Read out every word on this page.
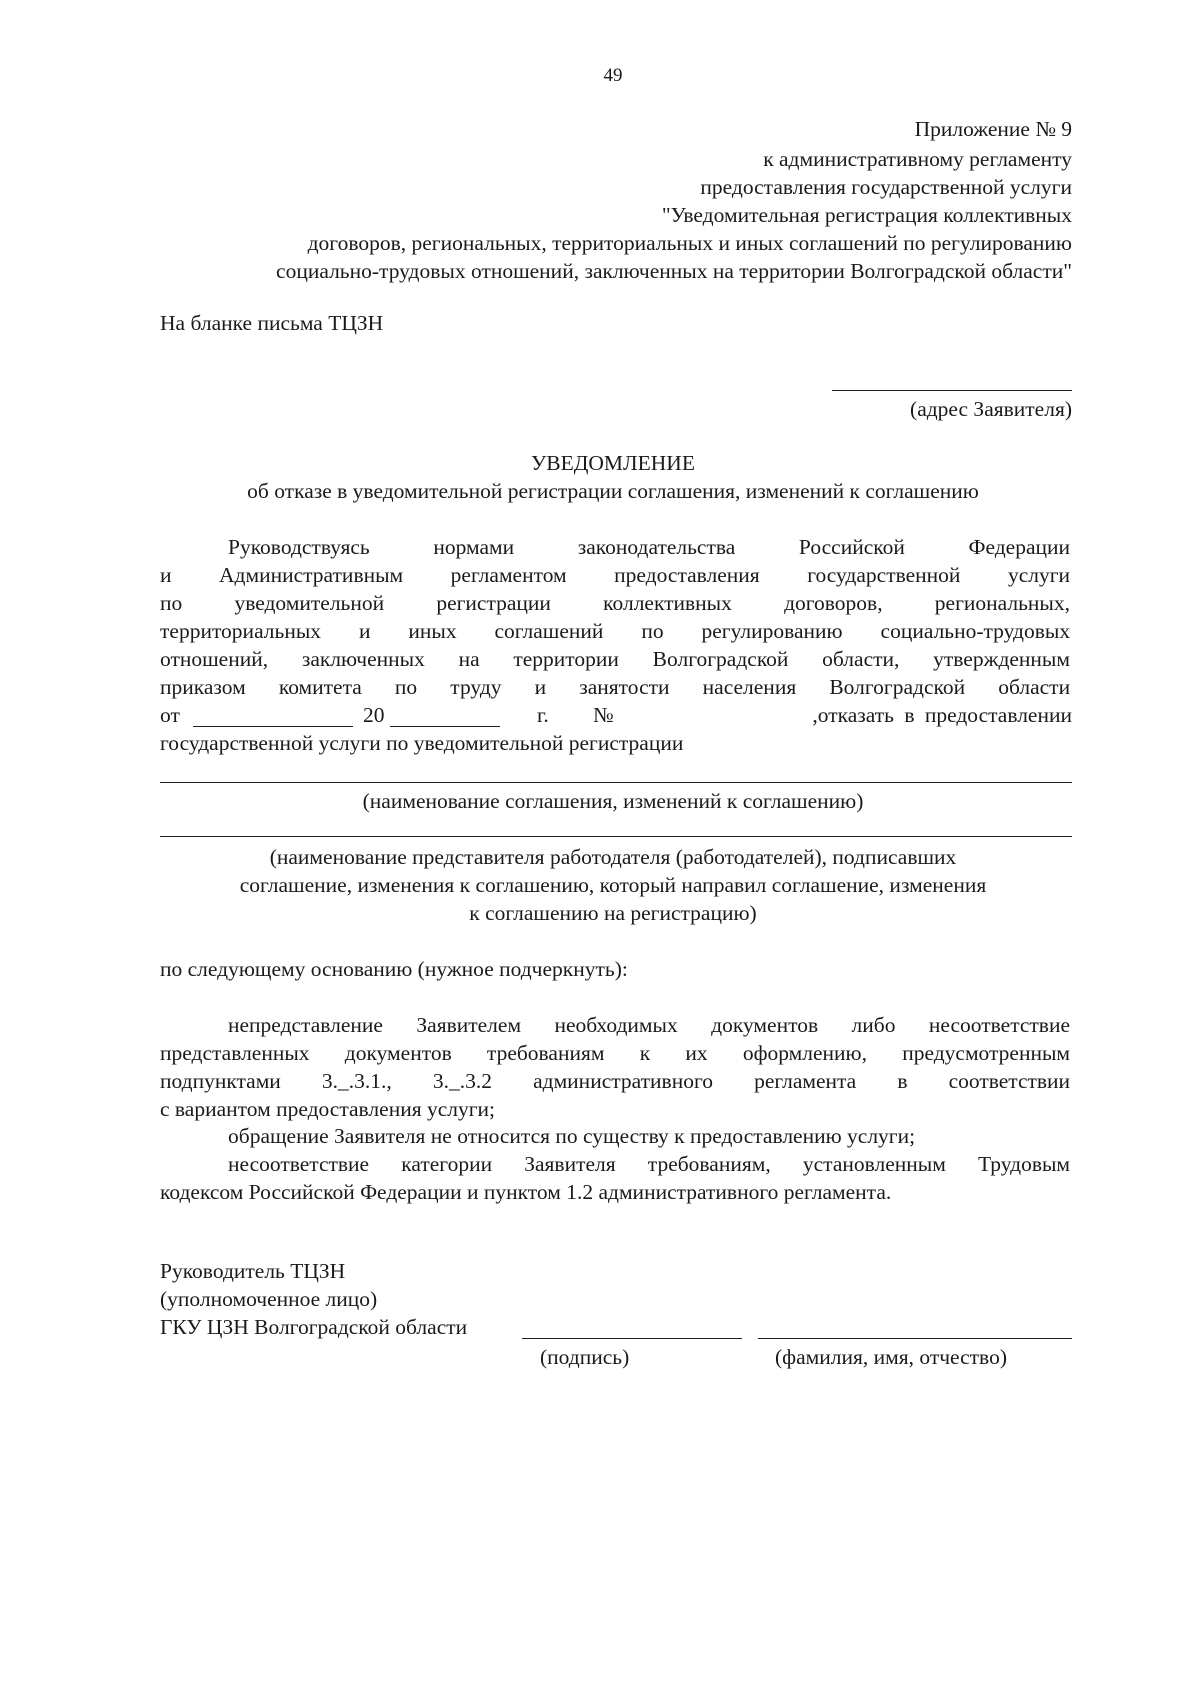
49
Приложение № 9
к административному регламенту
предоставления государственной услуги
"Уведомительная регистрация коллективных
договоров, региональных, территориальных и иных соглашений по регулированию
социально-трудовых отношений, заключенных на территории Волгоградской области"
На бланке письма ТЦЗН
(адрес Заявителя)
УВЕДОМЛЕНИЕ
об отказе в уведомительной регистрации соглашения, изменений к соглашению
Руководствуясь	нормами	законодательства	Российской	Федерации
и Административным регламентом предоставления государственной услуги
по уведомительной регистрации коллективных договоров, региональных,
территориальных и иных соглашений по регулированию социально-трудовых
отношений, заключенных на территории Волгоградской области, утвержденным
приказом комитета по труду и занятости населения Волгоградской области
от	20	г. №	,отказать в предоставлении
государственной услуги по уведомительной регистрации
(наименование соглашения, изменений к соглашению)
(наименование представителя работодателя (работодателей), подписавших
соглашение, изменения к соглашению, который направил соглашение, изменения
к соглашению на регистрацию)
по следующему основанию (нужное подчеркнуть):
непредставление Заявителем необходимых документов либо несоответствие
представленных документов требованиям к их оформлению, предусмотренным
подпунктами 3._.3.1., 3._.3.2 административного регламента в соответствии
с вариантом предоставления услуги;
обращение Заявителя не относится по существу к предоставлению услуги;
несоответствие категории Заявителя требованиям, установленным Трудовым
кодексом Российской Федерации и пунктом 1.2 административного регламента.
Руководитель ТЦЗН
(уполномоченное лицо)
ГКУ ЦЗН Волгоградской области
(подпись)	(фамилия, имя, отчество)
